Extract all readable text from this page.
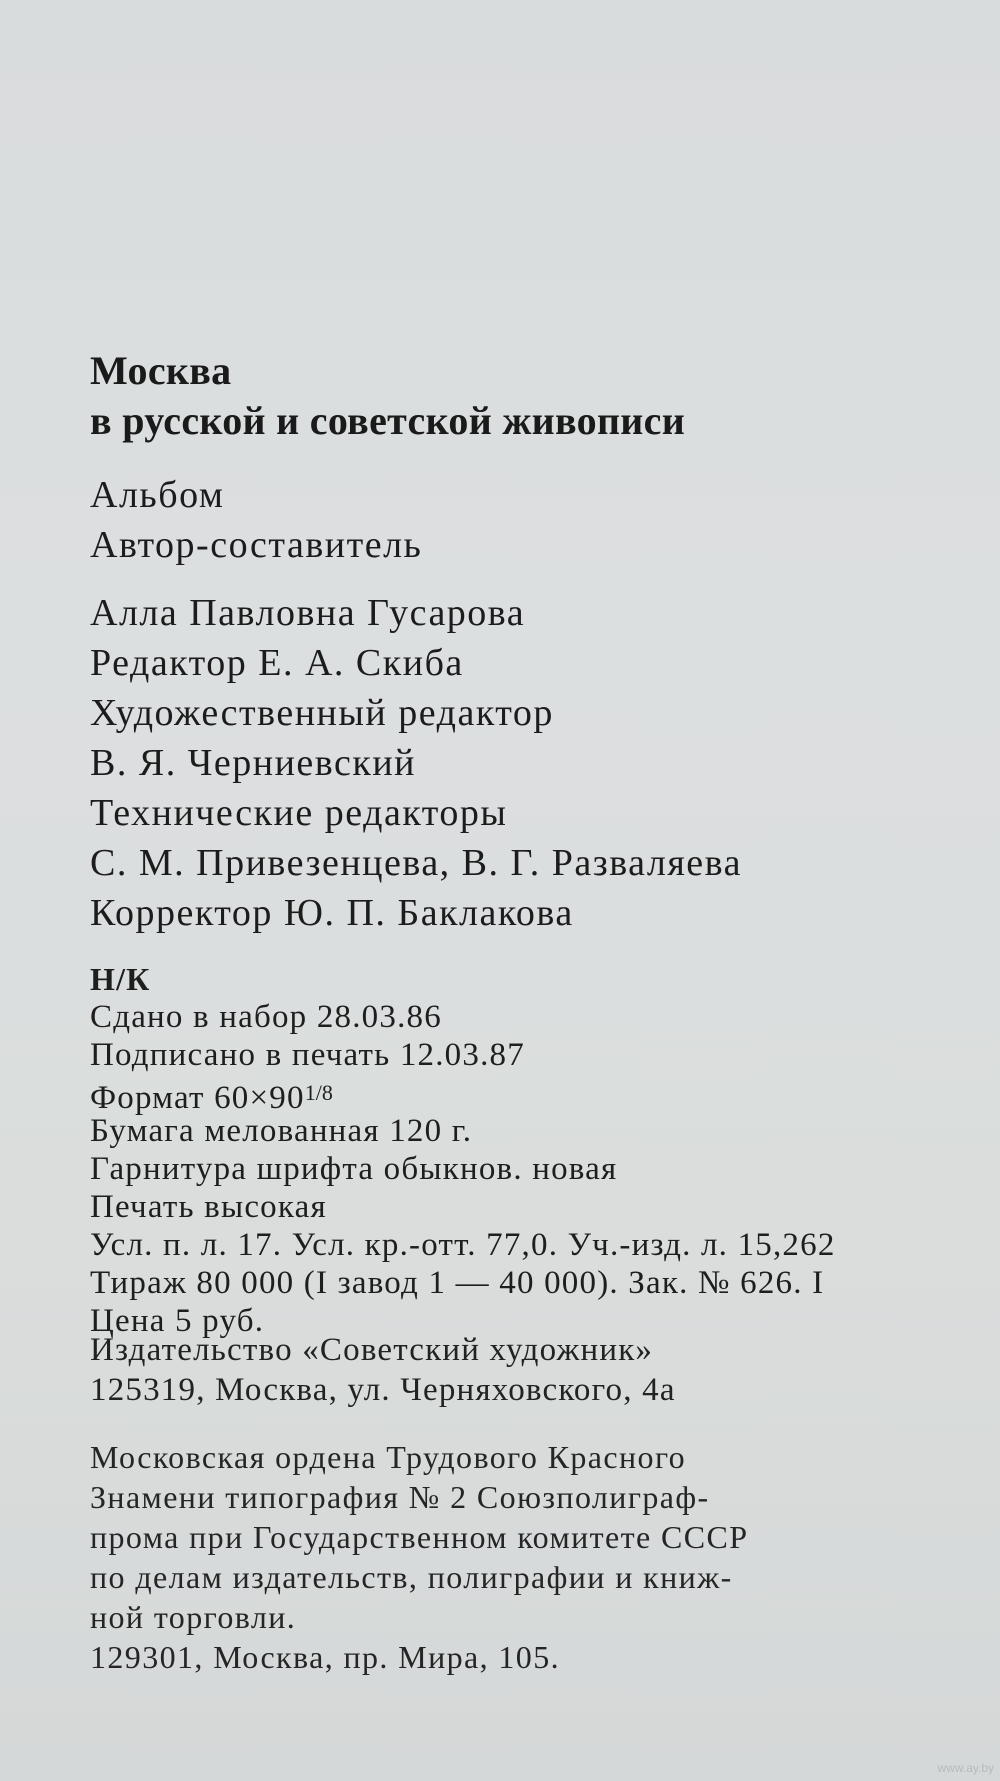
Москва
в русской и советской живописи
Альбом
Автор-составитель
Алла Павловна Гусарова
Редактор Е. А. Скиба
Художественный редактор
В. Я. Черниевский
Технические редакторы
С. М. Привезенцева, В. Г. Разваляева
Корректор Ю. П. Баклакова
Н/К
Сдано в набор 28.03.86
Подписано в печать 12.03.87
Формат $60\times 90^{1/8}$
Бумага мелованная 120 г.
Гарнитура шрифта обыкнов. новая
Печать высокая
Усл. п. л. 17. Усл. кр.-отт. 77,0. Уч.-изд. л. 15,262
Тираж 80 000 (I завод 1 — 40 000). Зак. № 626. I
Цена 5 руб.
Издательство «Советский художник»
125319, Москва, ул. Черняховского, 4а
Московская ордена Трудового Красного
Знамени типография № 2 Союзполиграф-
прома при Государственном комитете СССР
по делам издательств, полиграфии и книж-
ной торговли.
129301, Москва, пр. Мира, 105.
www.ay.by
